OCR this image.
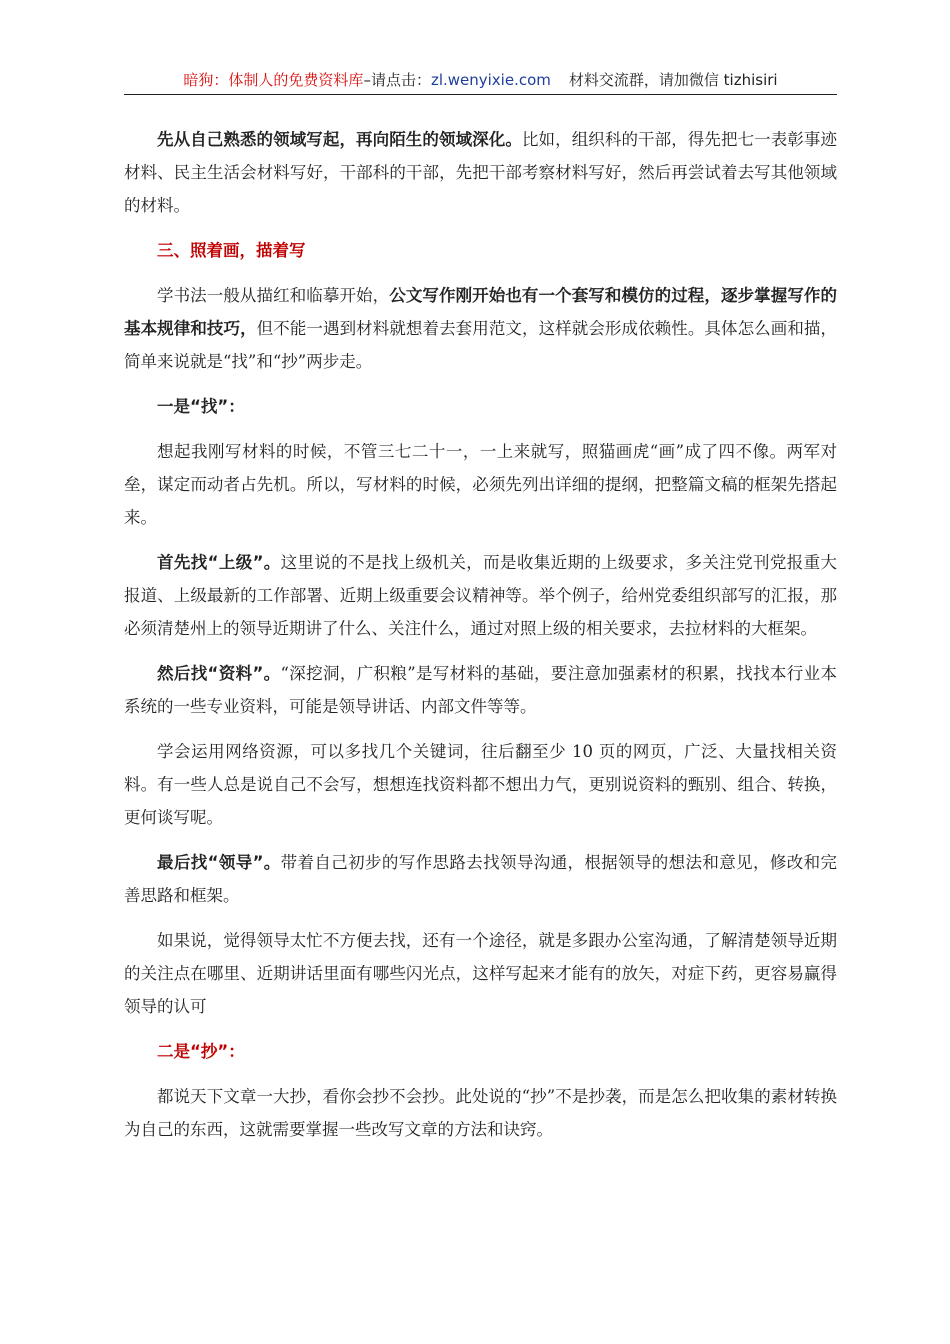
暗狗：体制人的免费资料库–请点击：zl.wenyixie.com 材料交流群，请加微信 tizhisiri

先从自己熟悉的领域写起，再向陌生的领域深化。比如，组织科的干部，得先把七一表彰事迹材料、民主生活会材料写好，干部科的干部，先把干部考察材料写好，然后再尝试着去写其他领域的材料。

三、照着画，描着写

学书法一般从描红和临摹开始，公文写作刚开始也有一个套写和模仿的过程，逐步掌握写作的基本规律和技巧，但不能一遇到材料就想着去套用范文，这样就会形成依赖性。具体怎么画和描，简单来说就是“找”和“抄”两步走。

一是“找”：

想起我刚写材料的时候，不管三七二十一，一上来就写，照猫画虎“画”成了四不像。两军对垒，谋定而动者占先机。所以，写材料的时候，必须先列出详细的提纲，把整篇文稿的框架先搭起来。

首先找“上级”。这里说的不是找上级机关，而是收集近期的上级要求，多关注党刊党报重大报道、上级最新的工作部署、近期上级重要会议精神等。举个例子，给州党委组织部写的汇报，那必须清楚州上的领导近期讲了什么、关注什么，通过对照上级的相关要求，去拉材料的大框架。

然后找“资料”。“深挖洞，广积粮”是写材料的基础，要注意加强素材的积累，找找本行业本系统的一些专业资料，可能是领导讲话、内部文件等等。

学会运用网络资源，可以多找几个关键词，往后翻至少 10 页的网页，广泛、大量找相关资料。有一些人总是说自己不会写，想想连找资料都不想出力气，更别说资料的甄别、组合、转换，更何谈写呢。

最后找“领导”。带着自己初步的写作思路去找领导沟通，根据领导的想法和意见，修改和完善思路和框架。

如果说，觉得领导太忙不方便去找，还有一个途径，就是多跟办公室沟通，了解清楚领导近期的关注点在哪里、近期讲话里面有哪些闪光点，这样写起来才能有的放矢，对症下药，更容易赢得领导的认可

二是“抄”：

都说天下文章一大抄，看你会抄不会抄。此处说的“抄”不是抄袭，而是怎么把收集的素材转换为自己的东西，这就需要掌握一些改写文章的方法和诀窍。
